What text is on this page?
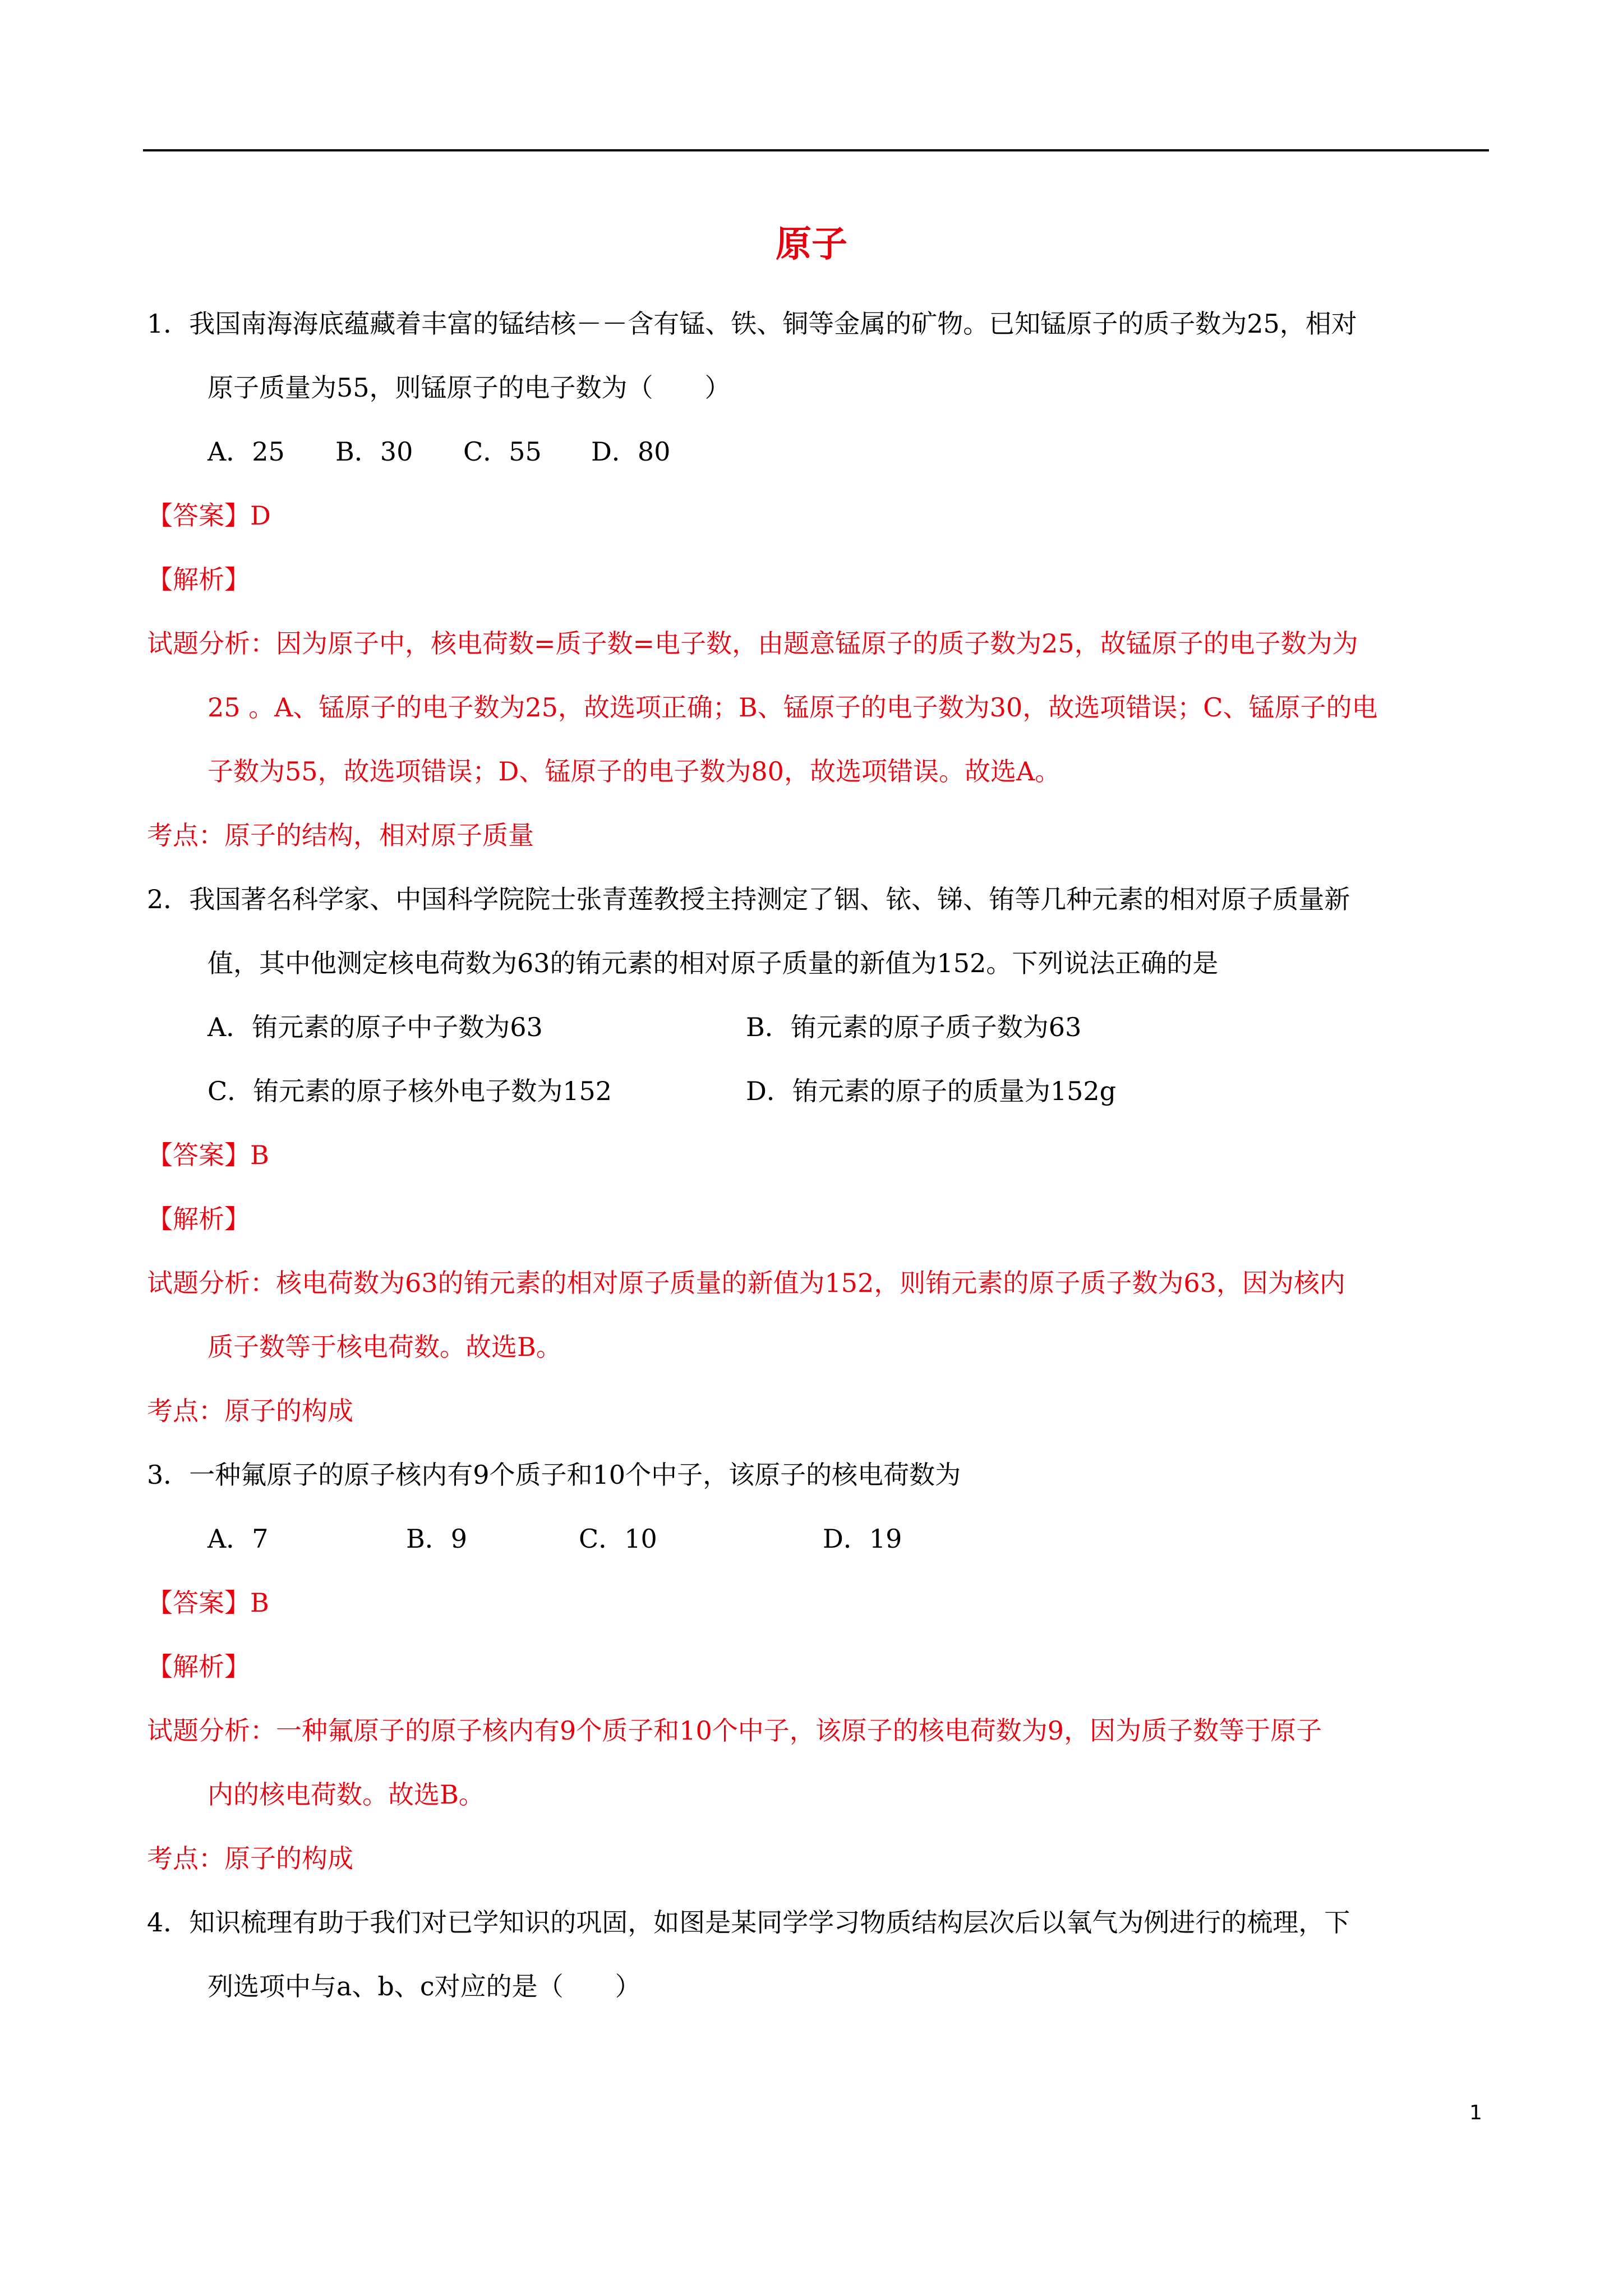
原子
1．我国南海海底蕴藏着丰富的锰结核－－含有锰、铁、铜等金属的矿物。已知锰原子的质子数为25，相对
原子质量为55，则锰原子的电子数为（　　）
A．25 B．30 C．55 D．80
【答案】D
【解析】
试题分析：因为原子中，核电荷数=质子数=电子数，由题意锰原子的质子数为25，故锰原子的电子数为为
25 。A、锰原子的电子数为25，故选项正确；B、锰原子的电子数为30，故选项错误；C、锰原子的电
子数为55，故选项错误；D、锰原子的电子数为80，故选项错误。故选A。
考点：原子的结构，相对原子质量
2．我国著名科学家、中国科学院院士张青莲教授主持测定了铟、铱、锑、铕等几种元素的相对原子质量新
值，其中他测定核电荷数为63的铕元素的相对原子质量的新值为152。下列说法正确的是
A．铕元素的原子中子数为63	B．铕元素的原子质子数为63
C．铕元素的原子核外电子数为152	D．铕元素的原子的质量为152g
【答案】B
【解析】
试题分析：核电荷数为63的铕元素的相对原子质量的新值为152，则铕元素的原子质子数为63，因为核内
质子数等于核电荷数。故选B。
考点：原子的构成
3．一种氟原子的原子核内有9个质子和10个中子，该原子的核电荷数为
A．7	B．9	C．10	D．19
【答案】B
【解析】
试题分析：一种氟原子的原子核内有9个质子和10个中子，该原子的核电荷数为9，因为质子数等于原子
内的核电荷数。故选B。
考点：原子的构成
4．知识梳理有助于我们对已学知识的巩固，如图是某同学学习物质结构层次后以氧气为例进行的梳理，下
列选项中与a、b、c对应的是（　　）
1
